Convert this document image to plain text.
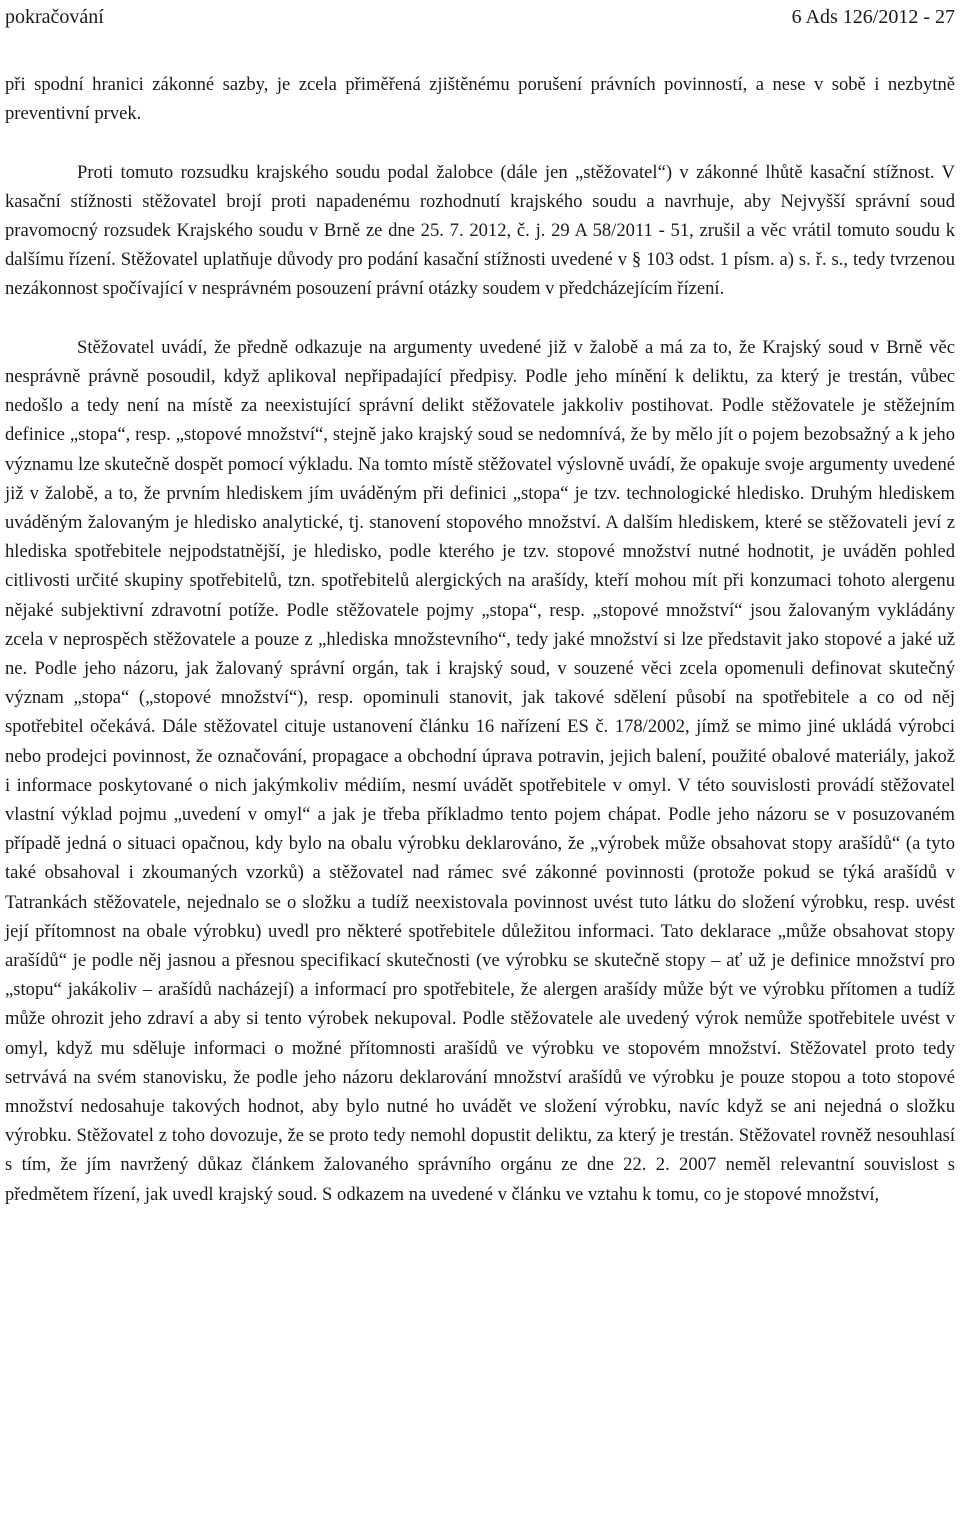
pokračování	6 Ads 126/2012 - 27

při spodní hranici zákonné sazby, je zcela přiměřená zjištěnému porušení právních povinností, a nese v sobě i nezbytně preventivní prvek.

Proti tomuto rozsudku krajského soudu podal žalobce (dále jen „stěžovatel“) v zákonné lhůtě kasační stížnost. V kasační stížnosti stěžovatel brojí proti napadenému rozhodnutí krajského soudu a navrhuje, aby Nejvyšší správní soud pravomocný rozsudek Krajského soudu v Brně ze dne 25. 7. 2012, č. j. 29 A 58/2011 - 51, zrušil a věc vrátil tomuto soudu k dalšímu řízení. Stěžovatel uplatňuje důvody pro podání kasační stížnosti uvedené v § 103 odst. 1 písm. a) s. ř. s., tedy tvrzenou nezákonnost spočívající v nesprávném posouzení právní otázky soudem v předcházejícím řízení.

Stěžovatel uvádí, že předně odkazuje na argumenty uvedené již v žalobě a má za to, že Krajský soud v Brně věc nesprávně právně posoudil, když aplikoval nepřipadající předpisy. Podle jeho mínění k deliktu, za který je trestán, vůbec nedošlo a tedy není na místě za neexistující správní delikt stěžovatele jakkoliv postihovat. Podle stěžovatele je stěžejním definice „stopa“, resp. „stopové množství“, stejně jako krajský soud se nedomnívá, že by mělo jít o pojem bezobsažný a k jeho významu lze skutečně dospět pomocí výkladu. Na tomto místě stěžovatel výslovně uvádí, že opakuje svoje argumenty uvedené již v žalobě, a to, že prvním hlediskem jím uváděným při definici „stopa“ je tzv. technologické hledisko. Druhým hlediskem uváděným žalovaným je hledisko analytické, tj. stanovení stopového množství. A dalším hlediskem, které se stěžovateli jeví z hlediska spotřebitele nejpodstatnější, je hledisko, podle kterého je tzv. stopové množství nutné hodnotit, je uváděn pohled citlivosti určité skupiny spotřebitelů, tzn. spotřebitelů alergických na arašídy, kteří mohou mít při konzumaci tohoto alergenu nějaké subjektivní zdravotní potíže. Podle stěžovatele pojmy „stopa“, resp. „stopové množství“ jsou žalovaným vykládány zcela v neprospěch stěžovatele a pouze z „hlediska množstevního“, tedy jaké množství si lze představit jako stopové a jaké už ne. Podle jeho názoru, jak žalovaný správní orgán, tak i krajský soud, v souzené věci zcela opomenuli definovat skutečný význam „stopa“ („stopové množství“), resp. opominuli stanovit, jak takové sdělení působí na spotřebitele a co od něj spotřebitel očekává. Dále stěžovatel cituje ustanovení článku 16 nařízení ES č. 178/2002, jímž se mimo jiné ukládá výrobci nebo prodejci povinnost, že označování, propagace a obchodní úprava potravin, jejich balení, použité obalové materiály, jakož i informace poskytované o nich jakýmkoliv médiím, nesmí uvádět spotřebitele v omyl. V této souvislosti provádí stěžovatel vlastní výklad pojmu „uvedení v omyl“ a jak je třeba příkladmo tento pojem chápat. Podle jeho názoru se v posuzovaném případě jedná o situaci opačnou, kdy bylo na obalu výrobku deklarováno, že „výrobek může obsahovat stopy arašídů“ (a tyto také obsahoval i zkoumaných vzorků) a stěžovatel nad rámec své zákonné povinnosti (protože pokud se týká arašídů v Tatrankách stěžovatele, nejednalo se o složku a tudíž neexistovala povinnost uvést tuto látku do složení výrobku, resp. uvést její přítomnost na obale výrobku) uvedl pro některé spotřebitele důležitou informaci. Tato deklarace „může obsahovat stopy arašídů“ je podle něj jasnou a přesnou specifikací skutečnosti (ve výrobku se skutečně stopy – ať už je definice množství pro „stopu“ jakákoliv – arašídů nacházejí) a informací pro spotřebitele, že alergen arašídy může být ve výrobku přítomen a tudíž může ohrozit jeho zdraví a aby si tento výrobek nekupoval. Podle stěžovatele ale uvedený výrok nemůže spotřebitele uvést v omyl, když mu sděluje informaci o možné přítomnosti arašídů ve výrobku ve stopovém množství. Stěžovatel proto tedy setrvává na svém stanovisku, že podle jeho názoru deklarování množství arašídů ve výrobku je pouze stopou a toto stopové množství nedosahuje takových hodnot, aby bylo nutné ho uvádět ve složení výrobku, navíc když se ani nejedná o složku výrobku. Stěžovatel z toho dovozuje, že se proto tedy nemohl dopustit deliktu, za který je trestán. Stěžovatel rovněž nesouhlasí s tím, že jím navržený důkaz článkem žalovaného správního orgánu ze dne 22. 2. 2007 neměl relevantní souvislost s předmětem řízení, jak uvedl krajský soud. S odkazem na uvedené v článku ve vztahu k tomu, co je stopové množství,
